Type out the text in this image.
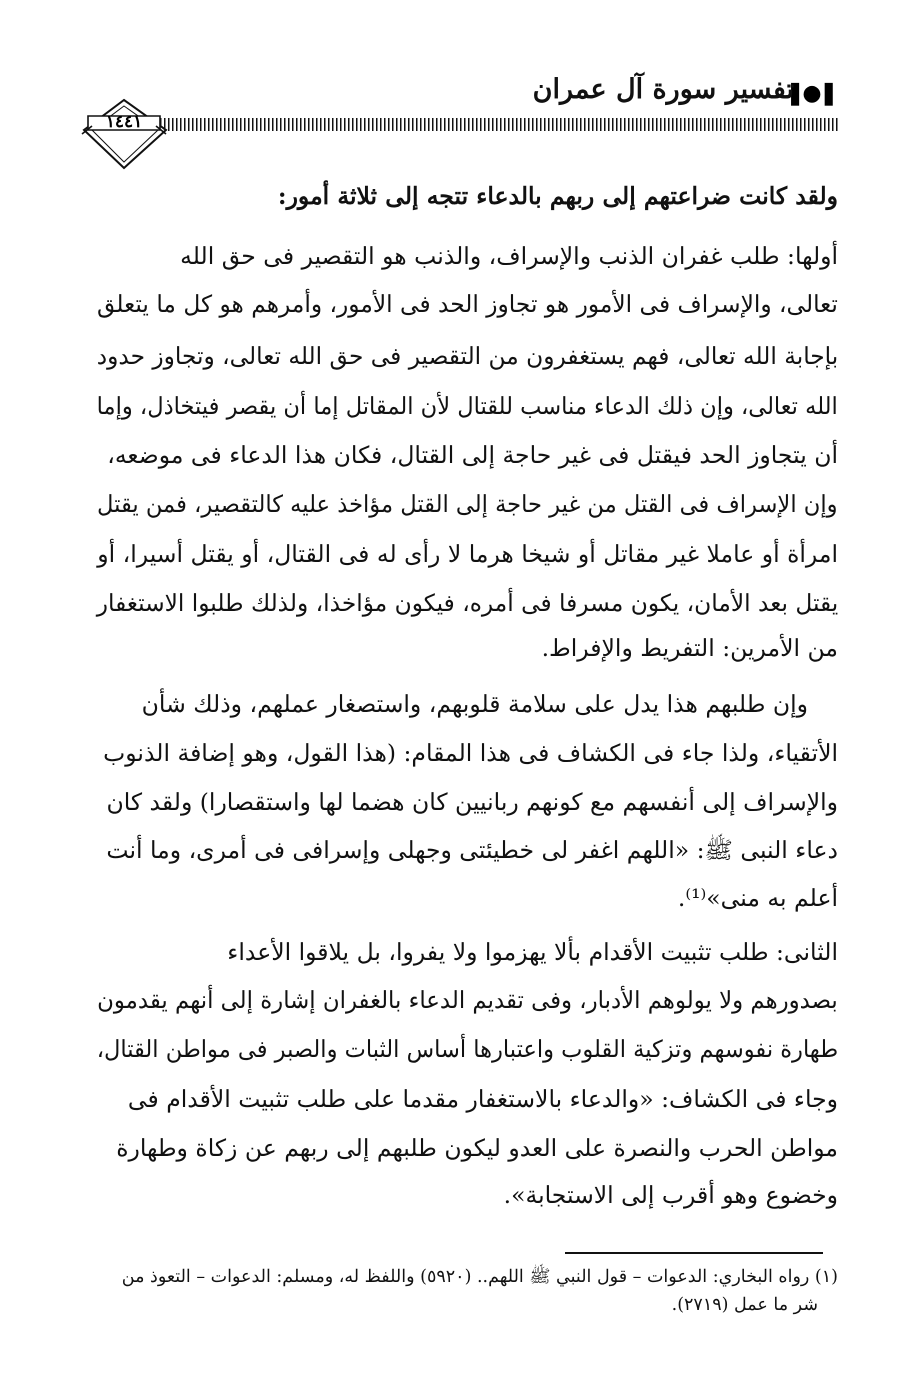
❚●❚
تفسير سورة آل عمران
١٤٤١
ولقد كانت ضراعتهم إلى ربهم بالدعاء تتجه إلى ثلاثة أمور:
أولها: طلب غفران الذنب والإسراف، والذنب هو التقصير فى حق الله
تعالى، والإسراف فى الأمور هو تجاوز الحد فى الأمور، وأمرهم هو كل ما يتعلق
بإجابة الله تعالى، فهم يستغفرون من التقصير فى حق الله تعالى، وتجاوز حدود
الله تعالى، وإن ذلك الدعاء مناسب للقتال لأن المقاتل إما أن يقصر فيتخاذل، وإما
أن يتجاوز الحد فيقتل فى غير حاجة إلى القتال، فكان هذا الدعاء فى موضعه،
وإن الإسراف فى القتل من غير حاجة إلى القتل مؤاخذ عليه كالتقصير، فمن يقتل
امرأة أو عاملا غير مقاتل أو شيخا هرما لا رأى له فى القتال، أو يقتل أسيرا، أو
يقتل بعد الأمان، يكون مسرفا فى أمره، فيكون مؤاخذا، ولذلك طلبوا الاستغفار
من الأمرين: التفريط والإفراط.
وإن طلبهم هذا يدل على سلامة قلوبهم، واستصغار عملهم، وذلك شأن
الأتقياء، ولذا جاء فى الكشاف فى هذا المقام: (هذا القول، وهو إضافة الذنوب
والإسراف إلى أنفسهم مع كونهم ربانيين كان هضما لها واستقصارا) ولقد كان
دعاء النبى ﷺ: «اللهم اغفر لى خطيئتى وجهلى وإسرافى فى أمرى، وما أنت
أعلم به منى»⁽¹⁾.
الثانى: طلب تثبيت الأقدام بألا يهزموا ولا يفروا، بل يلاقوا الأعداء
بصدورهم ولا يولوهم الأدبار، وفى تقديم الدعاء بالغفران إشارة إلى أنهم يقدمون
طهارة نفوسهم وتزكية القلوب واعتبارها أساس الثبات والصبر فى مواطن القتال،
وجاء فى الكشاف: «والدعاء بالاستغفار مقدما على طلب تثبيت الأقدام فى
مواطن الحرب والنصرة على العدو ليكون طلبهم إلى ربهم عن زكاة وطهارة
وخضوع وهو أقرب إلى الاستجابة».
(١) رواه البخاري: الدعوات – قول النبي ﷺ اللهم.. (٥٩٢٠) واللفظ له، ومسلم: الدعوات – التعوذ من
شر ما عمل (٢٧١٩).
